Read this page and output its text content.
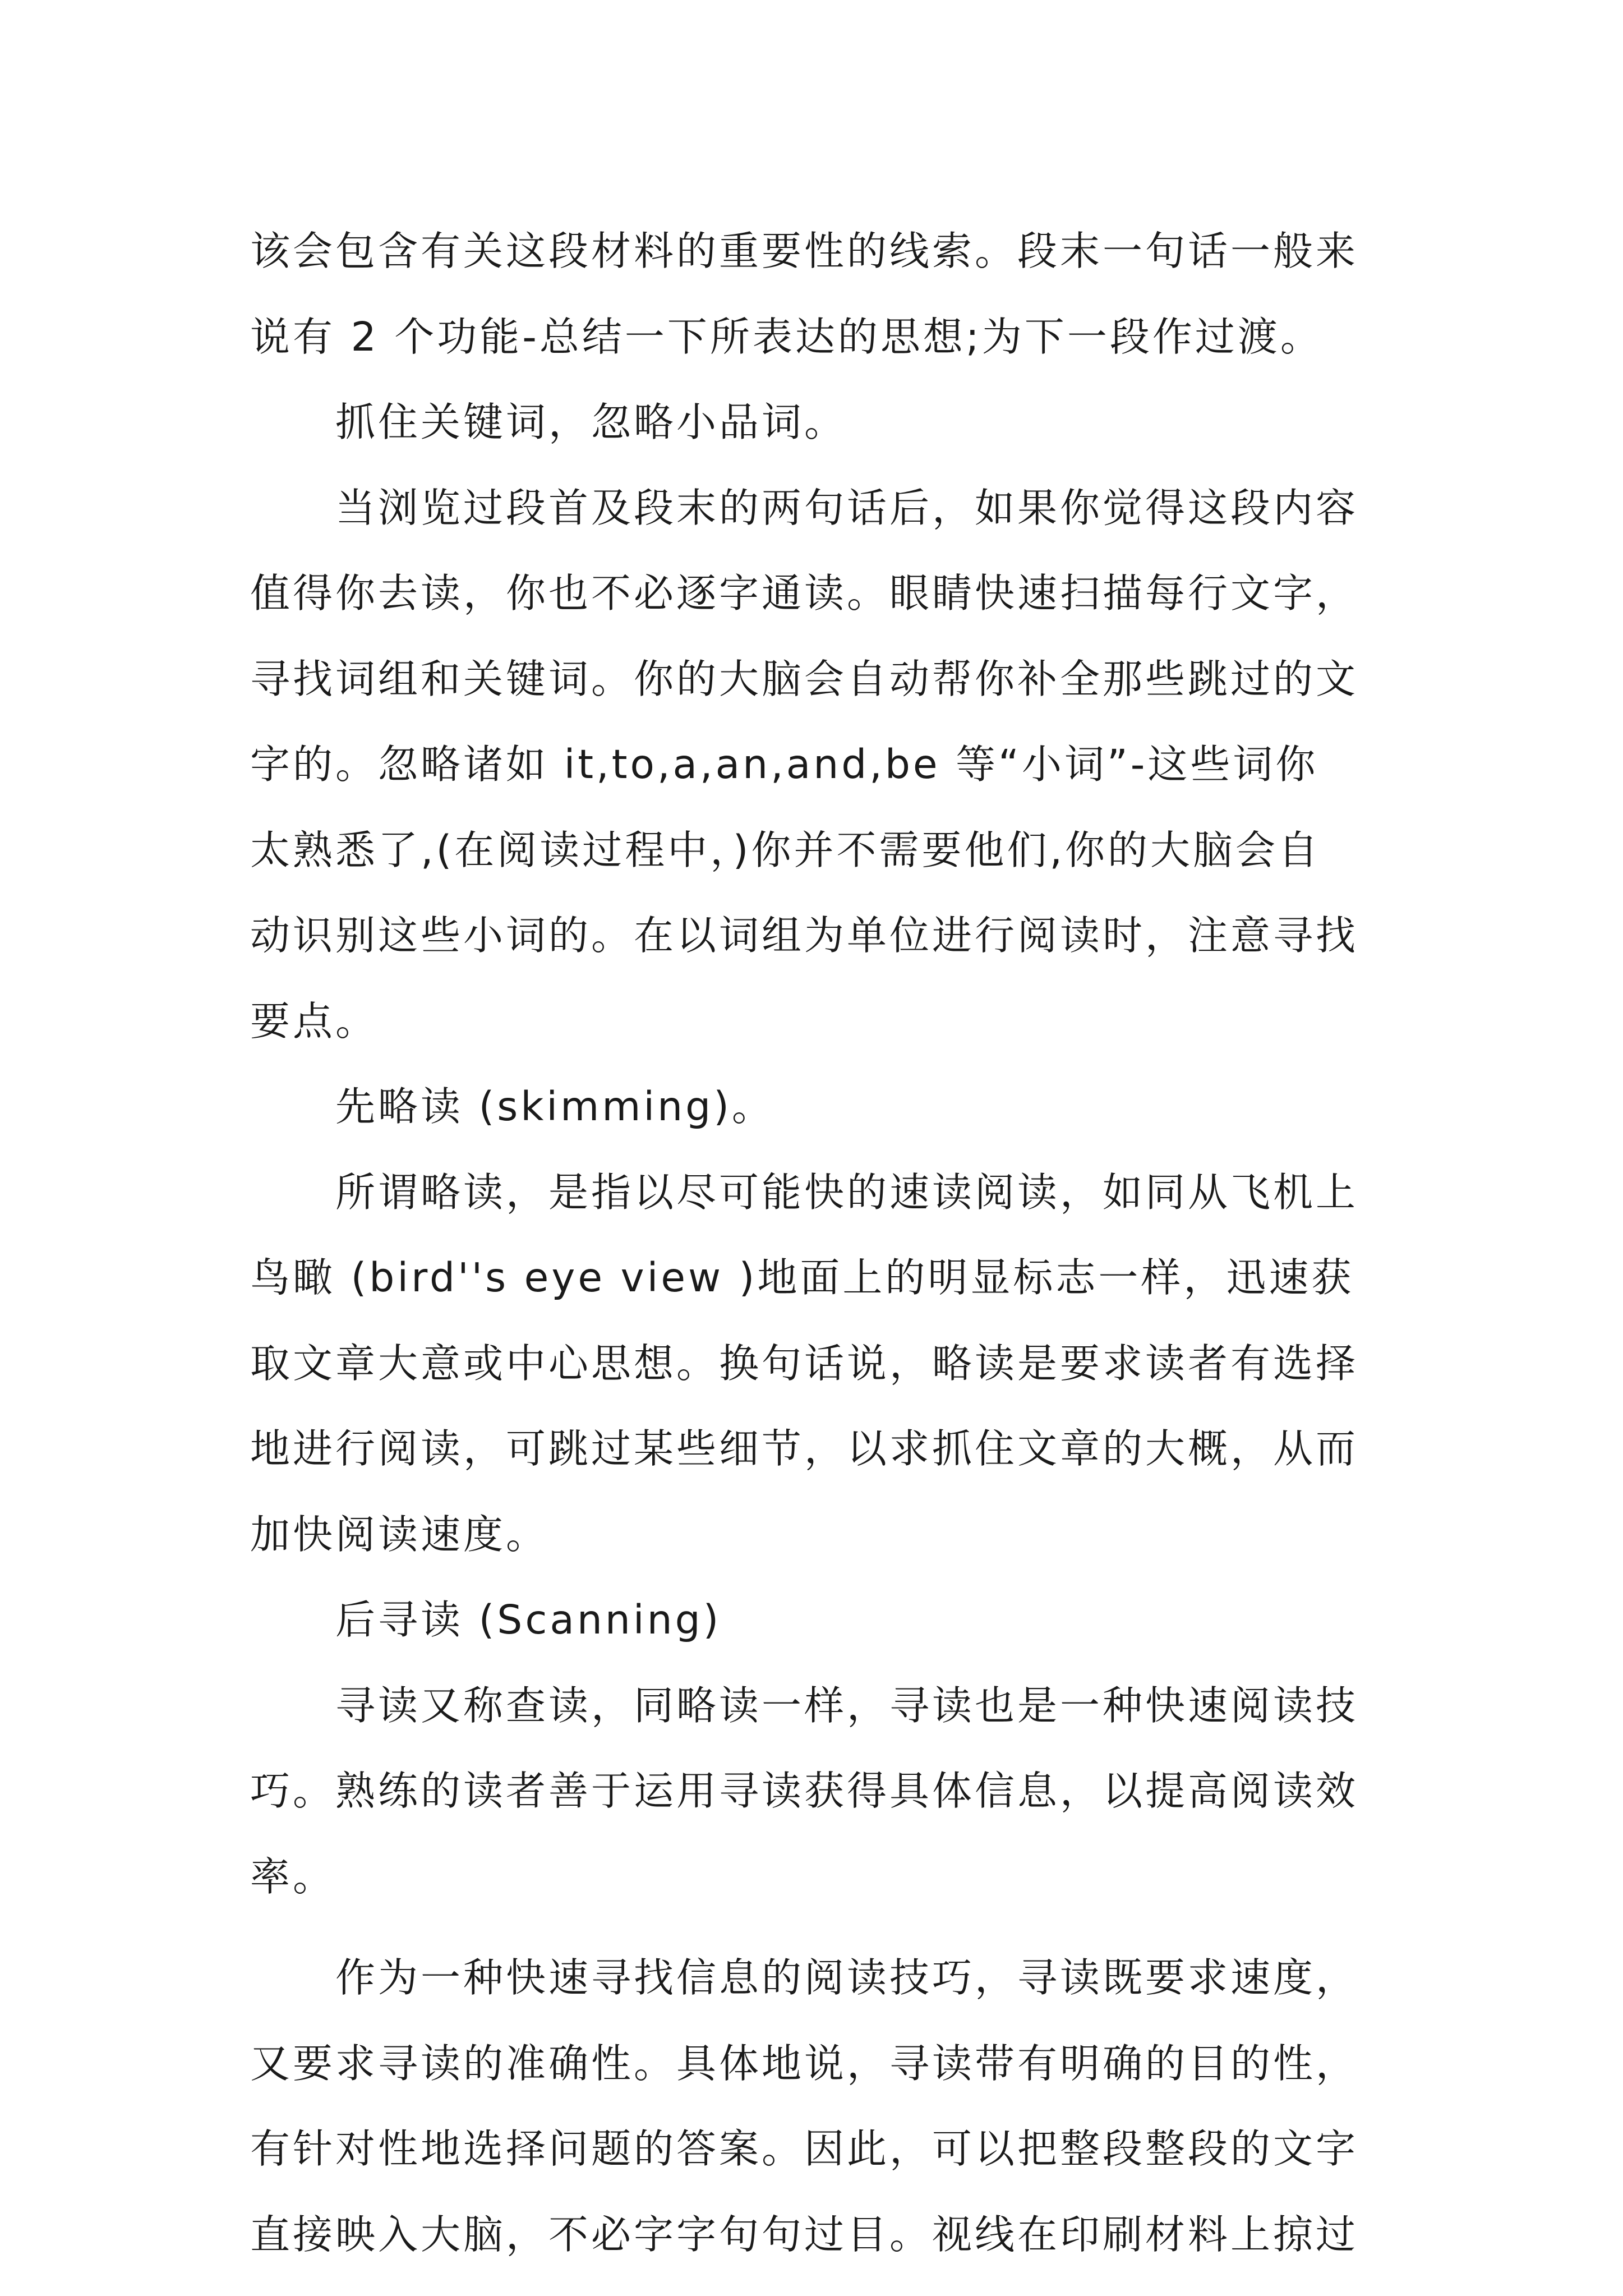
该会包含有关这段材料的重要性的线索。段末一句话一般来

说有 2 个功能-总结一下所表达的思想;为下一段作过渡。

抓住关键词，忽略小品词。

当浏览过段首及段末的两句话后，如果你觉得这段内容

值得你去读，你也不必逐字通读。眼睛快速扫描每行文字，

寻找词组和关键词。你的大脑会自动帮你补全那些跳过的文

字的。忽略诸如 it,to,a,an,and,be 等“小词”-这些词你

太熟悉了,(在阅读过程中，)你并不需要他们,你的大脑会自

动识别这些小词的。在以词组为单位进行阅读时，注意寻找

要点。

先略读 (skimming)。

所谓略读，是指以尽可能快的速读阅读，如同从飞机上

鸟瞰 (bird''s eye view )地面上的明显标志一样，迅速获

取文章大意或中心思想。换句话说，略读是要求读者有选择

地进行阅读，可跳过某些细节，以求抓住文章的大概，从而

加快阅读速度。

后寻读 (Scanning)

寻读又称查读，同略读一样，寻读也是一种快速阅读技

巧。熟练的读者善于运用寻读获得具体信息，以提高阅读效

率。

作为一种快速寻找信息的阅读技巧，寻读既要求速度，

又要求寻读的准确性。具体地说，寻读带有明确的目的性，

有针对性地选择问题的答案。因此，可以把整段整段的文字

直接映入大脑，不必字字句句过目。视线在印刷材料上掠过
